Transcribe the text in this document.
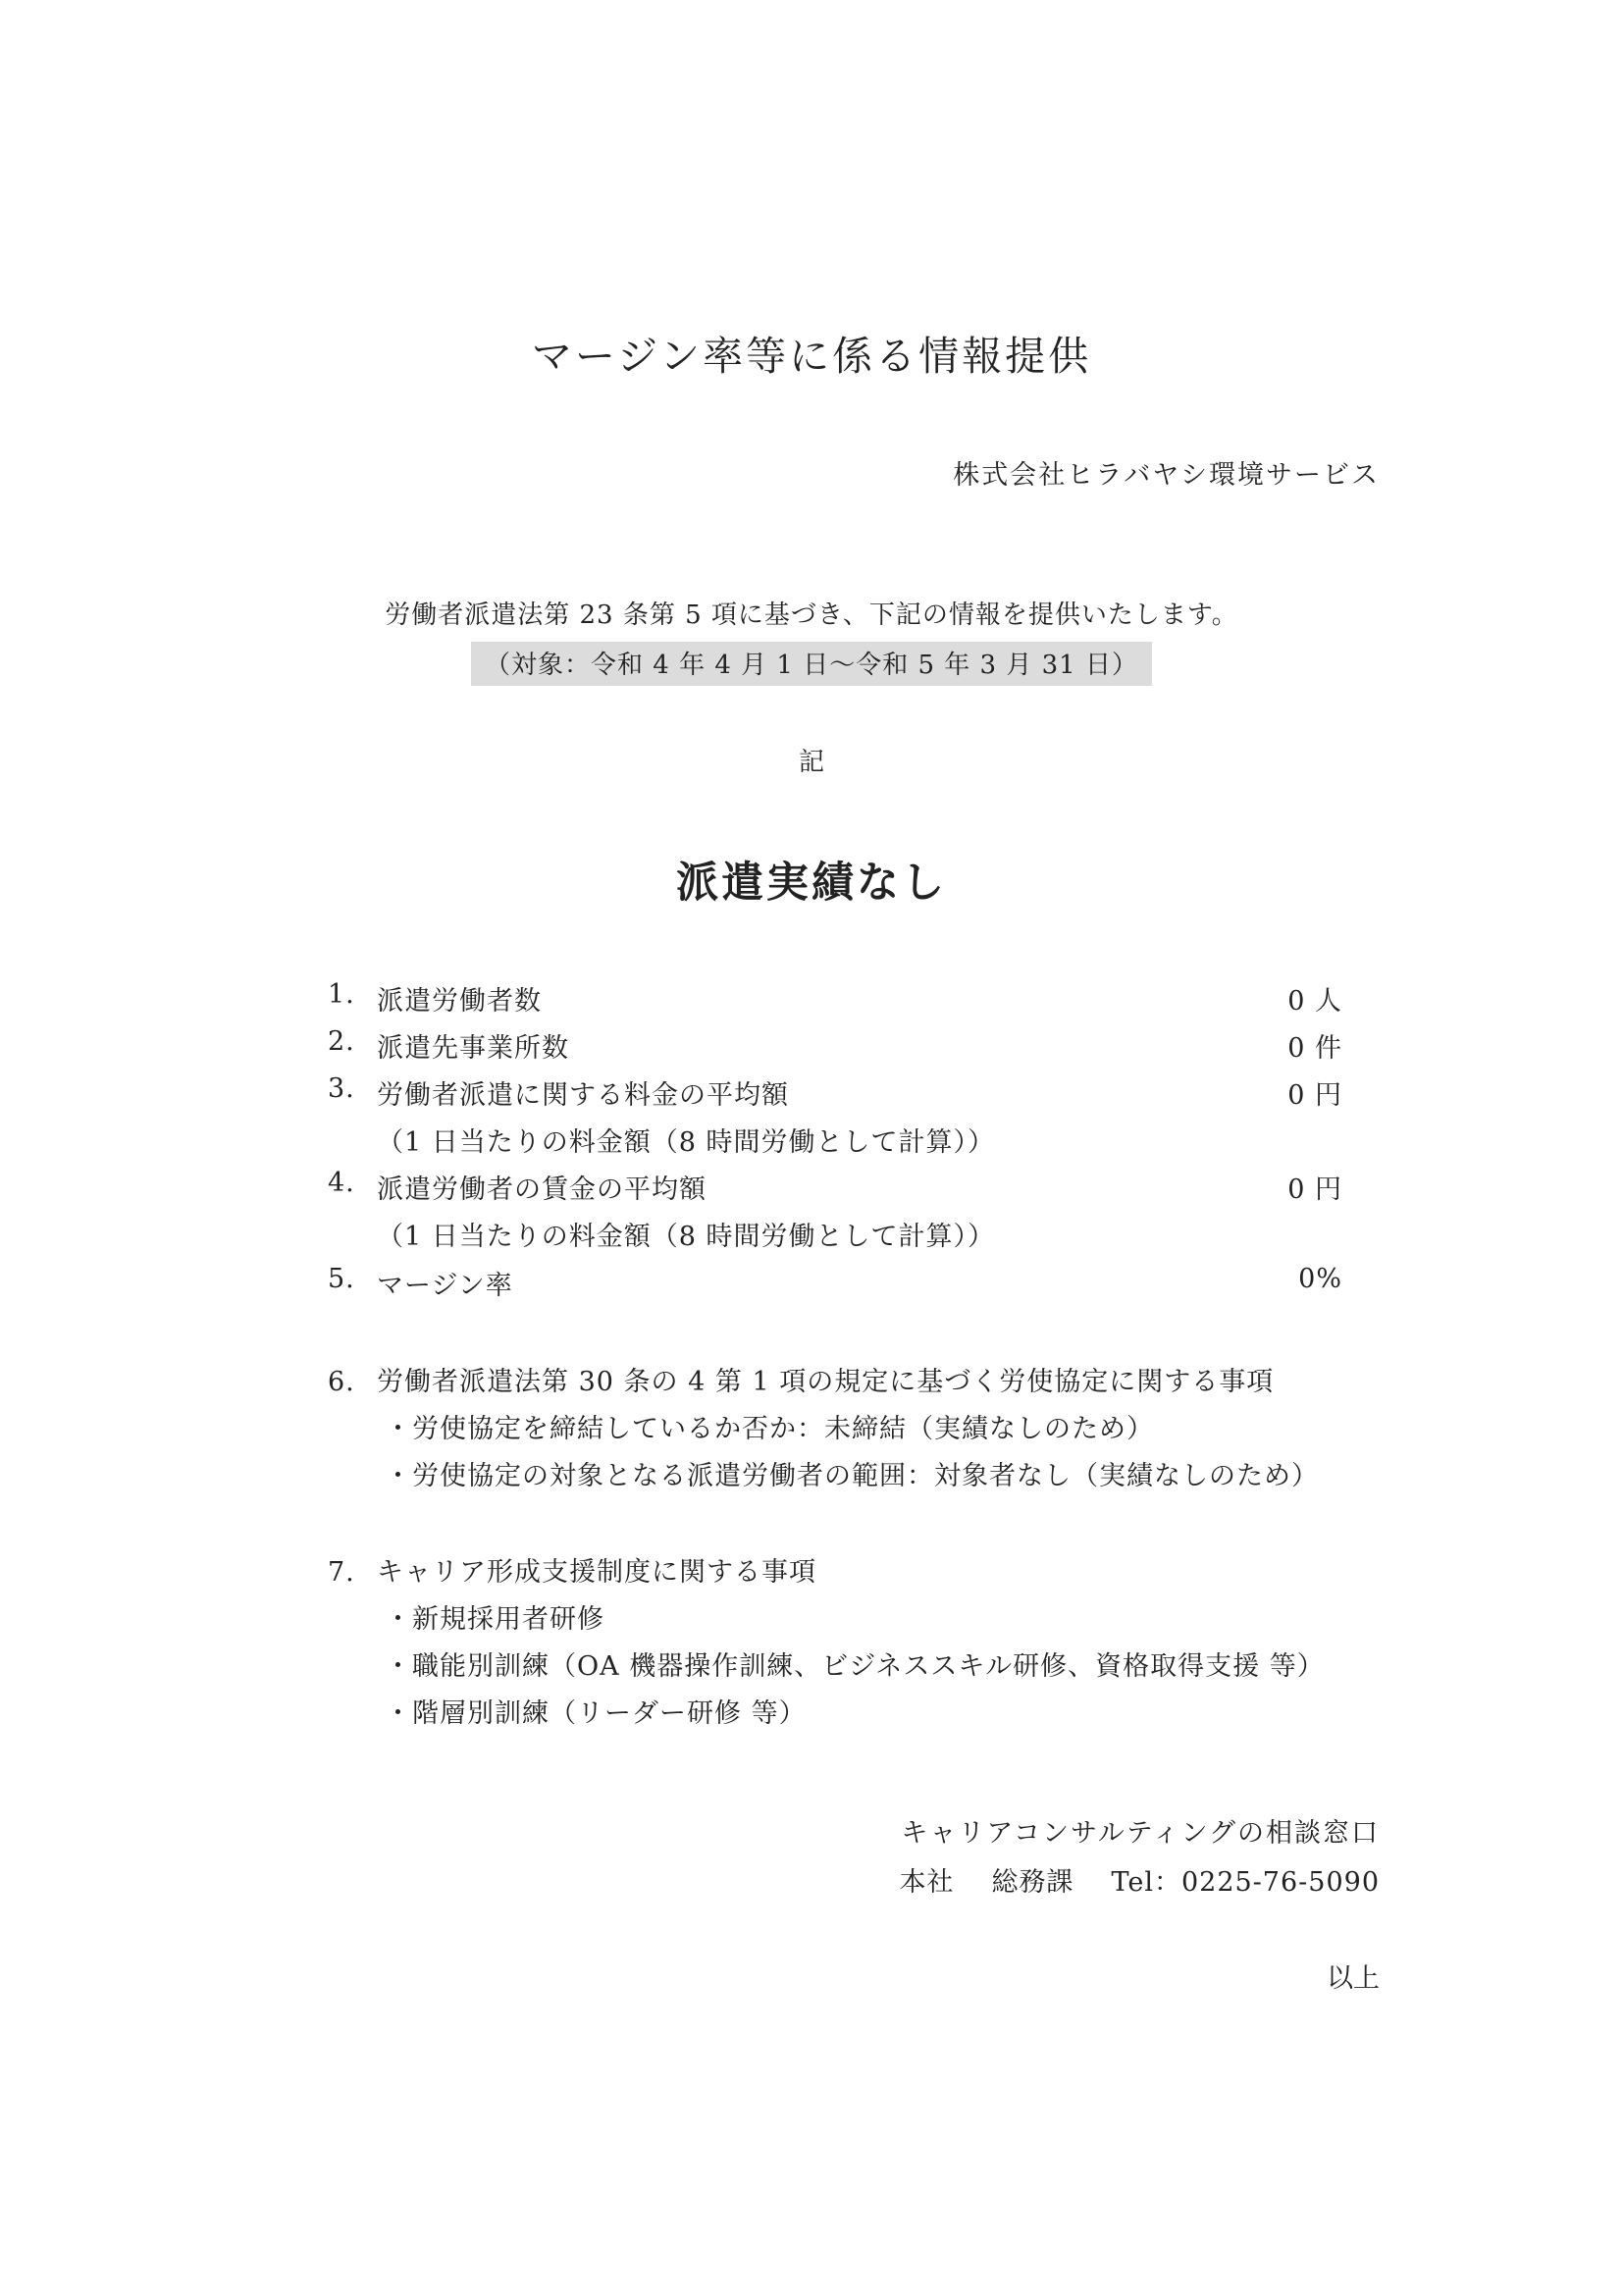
マージン率等に係る情報提供
株式会社ヒラバヤシ環境サービス
労働者派遣法第 23 条第 5 項に基づき、下記の情報を提供いたします。
（対象：令和 4 年 4 月 1 日～令和 5 年 3 月 31 日）
記
派遣実績なし
1. 派遣労働者数	0 人
2. 派遣先事業所数	0 件
3. 労働者派遣に関する料金の平均額	0 円
（1 日当たりの料金額（8 時間労働として計算））
4. 派遣労働者の賃金の平均額	0 円
（1 日当たりの料金額（8 時間労働として計算））
5. マージン率	0%
6. 労働者派遣法第 30 条の 4 第 1 項の規定に基づく労使協定に関する事項
・労使協定を締結しているか否か：未締結（実績なしのため）
・労使協定の対象となる派遣労働者の範囲：対象者なし（実績なしのため）
7. キャリア形成支援制度に関する事項
・新規採用者研修
・職能別訓練（OA 機器操作訓練、ビジネススキル研修、資格取得支援 等）
・階層別訓練（リーダー研修 等）
キャリアコンサルティングの相談窓口
本社 総務課 Tel：0225-76-5090
以上
